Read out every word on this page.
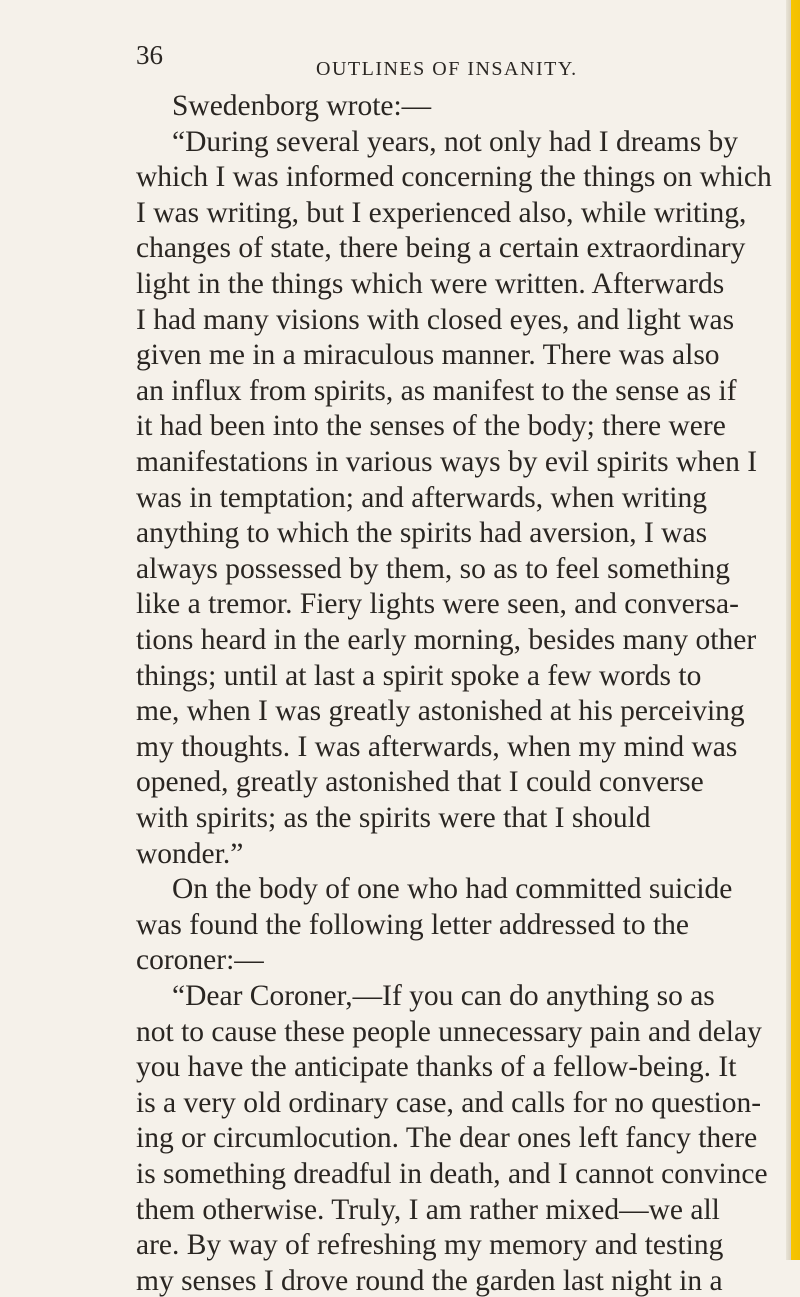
36	OUTLINES OF INSANITY.
Swedenborg wrote:—
“During several years, not only had I dreams by
which I was informed concerning the things on which
I was writing, but I experienced also, while writing,
changes of state, there being a certain extraordinary
light in the things which were written. Afterwards
I had many visions with closed eyes, and light was
given me in a miraculous manner. There was also
an influx from spirits, as manifest to the sense as if
it had been into the senses of the body; there were
manifestations in various ways by evil spirits when I
was in temptation; and afterwards, when writing
anything to which the spirits had aversion, I was
always possessed by them, so as to feel something
like a tremor. Fiery lights were seen, and conversa-
tions heard in the early morning, besides many other
things; until at last a spirit spoke a few words to
me, when I was greatly astonished at his perceiving
my thoughts. I was afterwards, when my mind was
opened, greatly astonished that I could converse
with spirits; as the spirits were that I should
wonder.”
On the body of one who had committed suicide
was found the following letter addressed to the
coroner:—
“Dear Coroner,—If you can do anything so as
not to cause these people unnecessary pain and delay
you have the anticipate thanks of a fellow-being. It
is a very old ordinary case, and calls for no question-
ing or circumlocution. The dear ones left fancy there
is something dreadful in death, and I cannot convince
them otherwise. Truly, I am rather mixed—we all
are. By way of refreshing my memory and testing
my senses I drove round the garden last night in a
